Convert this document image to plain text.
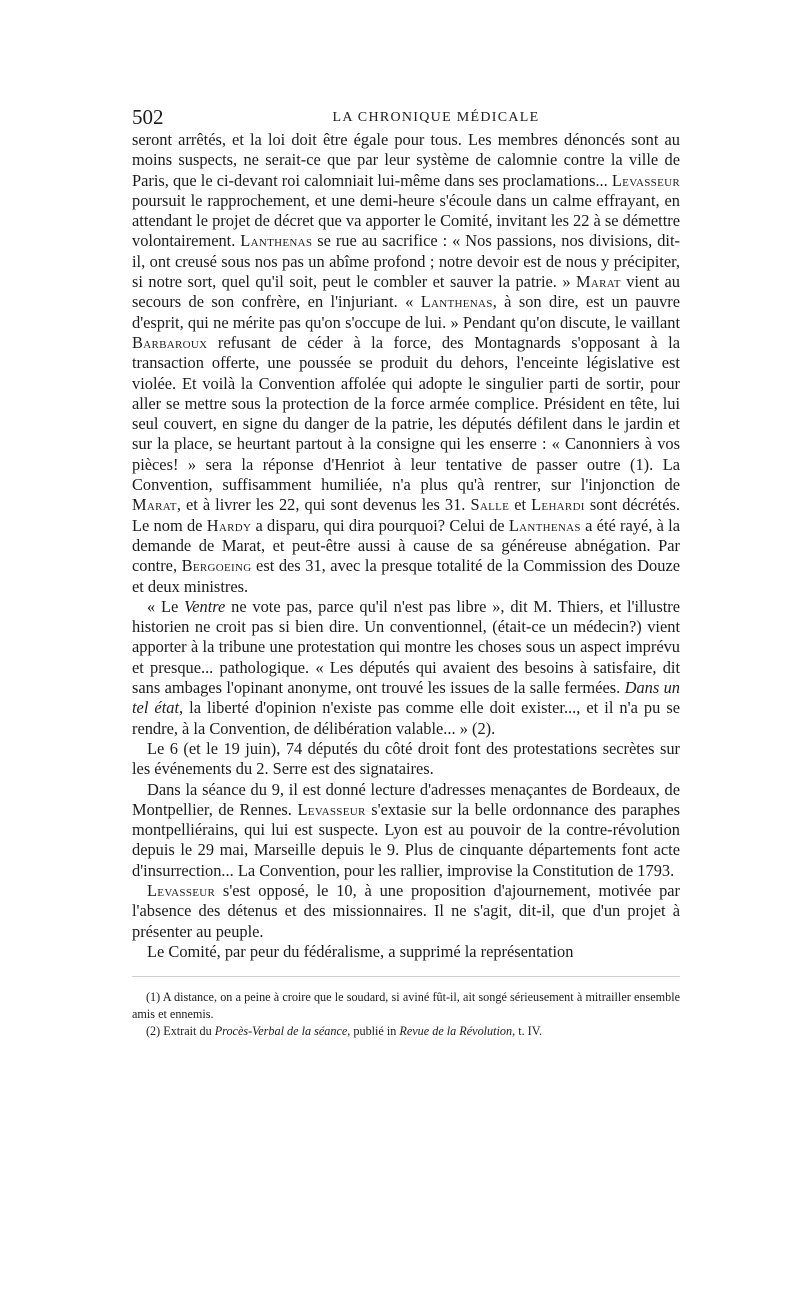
502	LA CHRONIQUE MÉDICALE

seront arrêtés, et la loi doit être égale pour tous. Les membres dénoncés sont au moins suspects, ne serait-ce que par leur système de calomnie contre la ville de Paris, que le ci-devant roi calomniait lui-même dans ses proclamations... Levasseur poursuit le rapprochement, et une demi-heure s'écoule dans un calme effrayant, en attendant le projet de décret que va apporter le Comité, invitant les 22 à se démettre volontairement. Lanthenas se rue au sacrifice : « Nos passions, nos divisions, dit-il, ont creusé sous nos pas un abîme profond ; notre devoir est de nous y précipiter, si notre sort, quel qu'il soit, peut le combler et sauver la patrie. » Marat vient au secours de son confrère, en l'injuriant. « Lanthenas, à son dire, est un pauvre d'esprit, qui ne mérite pas qu'on s'occupe de lui. » Pendant qu'on discute, le vaillant Barbaroux refusant de céder à la force, des Montagnards s'opposant à la transaction offerte, une poussée se produit du dehors, l'enceinte législative est violée. Et voilà la Convention affolée qui adopte le singulier parti de sortir, pour aller se mettre sous la protection de la force armée complice. Président en tête, lui seul couvert, en signe du danger de la patrie, les députés défilent dans le jardin et sur la place, se heurtant partout à la consigne qui les enserre : « Canonniers à vos pièces! » sera la réponse d'Henriot à leur tentative de passer outre (1). La Convention, suffisamment humiliée, n'a plus qu'à rentrer, sur l'injonction de Marat, et à livrer les 22, qui sont devenus les 31. Salle et Lehardi sont décrétés. Le nom de Hardy a disparu, qui dira pourquoi? Celui de Lanthenas a été rayé, à la demande de Marat, et peut-être aussi à cause de sa généreuse abnégation. Par contre, Bergoeing est des 31, avec la presque totalité de la Commission des Douze et deux ministres.

« Le Ventre ne vote pas, parce qu'il n'est pas libre », dit M. Thiers, et l'illustre historien ne croit pas si bien dire. Un conventionnel, (était-ce un médecin?) vient apporter à la tribune une protestation qui montre les choses sous un aspect imprévu et presque... pathologique. « Les députés qui avaient des besoins à satisfaire, dit sans ambages l'opinant anonyme, ont trouvé les issues de la salle fermées. Dans un tel état, la liberté d'opinion n'existe pas comme elle doit exister..., et il n'a pu se rendre, à la Convention, de délibération valable... » (2).

Le 6 (et le 19 juin), 74 députés du côté droit font des protestations secrètes sur les événements du 2. Serre est des signataires.

Dans la séance du 9, il est donné lecture d'adresses menaçantes de Bordeaux, de Montpellier, de Rennes. Levasseur s'extasie sur la belle ordonnance des paraphes montpelliérains, qui lui est suspecte. Lyon est au pouvoir de la contre-révolution depuis le 29 mai, Marseille depuis le 9. Plus de cinquante départements font acte d'insurrection... La Convention, pour les rallier, improvise la Constitution de 1793.

Levasseur s'est opposé, le 10, à une proposition d'ajournement, motivée par l'absence des détenus et des missionnaires. Il ne s'agit, dit-il, que d'un projet à présenter au peuple.

Le Comité, par peur du fédéralisme, a supprimé la représentation

(1) A distance, on a peine à croire que le soudard, si aviné fût-il, ait songé sérieusement à mitrailler ensemble amis et ennemis.

(2) Extrait du Procès-Verbal de la séance, publié in Revue de la Révolution, t. IV.
